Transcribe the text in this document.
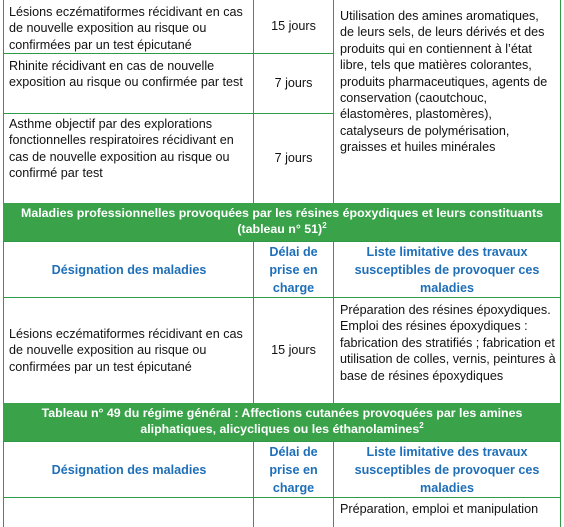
Lésions eczématiformes récidivant en cas de nouvelle exposition au risque ou confirmées par un test épicutané
Rhinite récidivant en cas de nouvelle exposition au risque ou confirmée par test
Asthme objectif par des explorations fonctionnelles respiratoires récidivant en cas de nouvelle exposition au risque ou confirmé par test
15 jours
7 jours
7 jours
Utilisation des amines aromatiques, de leurs sels, de leurs dérivés et des produits qui en contiennent à l’état libre, tels que matières colorantes, produits pharmaceutiques, agents de conservation (caoutchouc, élastomères, plastomères), catalyseurs de polymérisation, graisses et huiles minérales
Maladies professionnelles provoquées par les résines époxydiques et leurs constituants (tableau n° 51)$^2$
Désignation des maladies
Délai de prise en charge
Liste limitative des travaux susceptibles de provoquer ces maladies
Lésions eczématiformes récidivant en cas de nouvelle exposition au risque ou confirmées par un test épicutané
15 jours
Préparation des résines époxydiques. Emploi des résines époxydiques : fabrication des stratifiés ; fabrication et utilisation de colles, vernis, peintures à base de résines époxydiques
Tableau n° 49 du régime général : Affections cutanées provoquées par les amines aliphatiques, alicycliques ou les éthanolamines$^2$
Désignation des maladies
Délai de prise en charge
Liste limitative des travaux susceptibles de provoquer ces maladies
Préparation, emploi et manipulation
